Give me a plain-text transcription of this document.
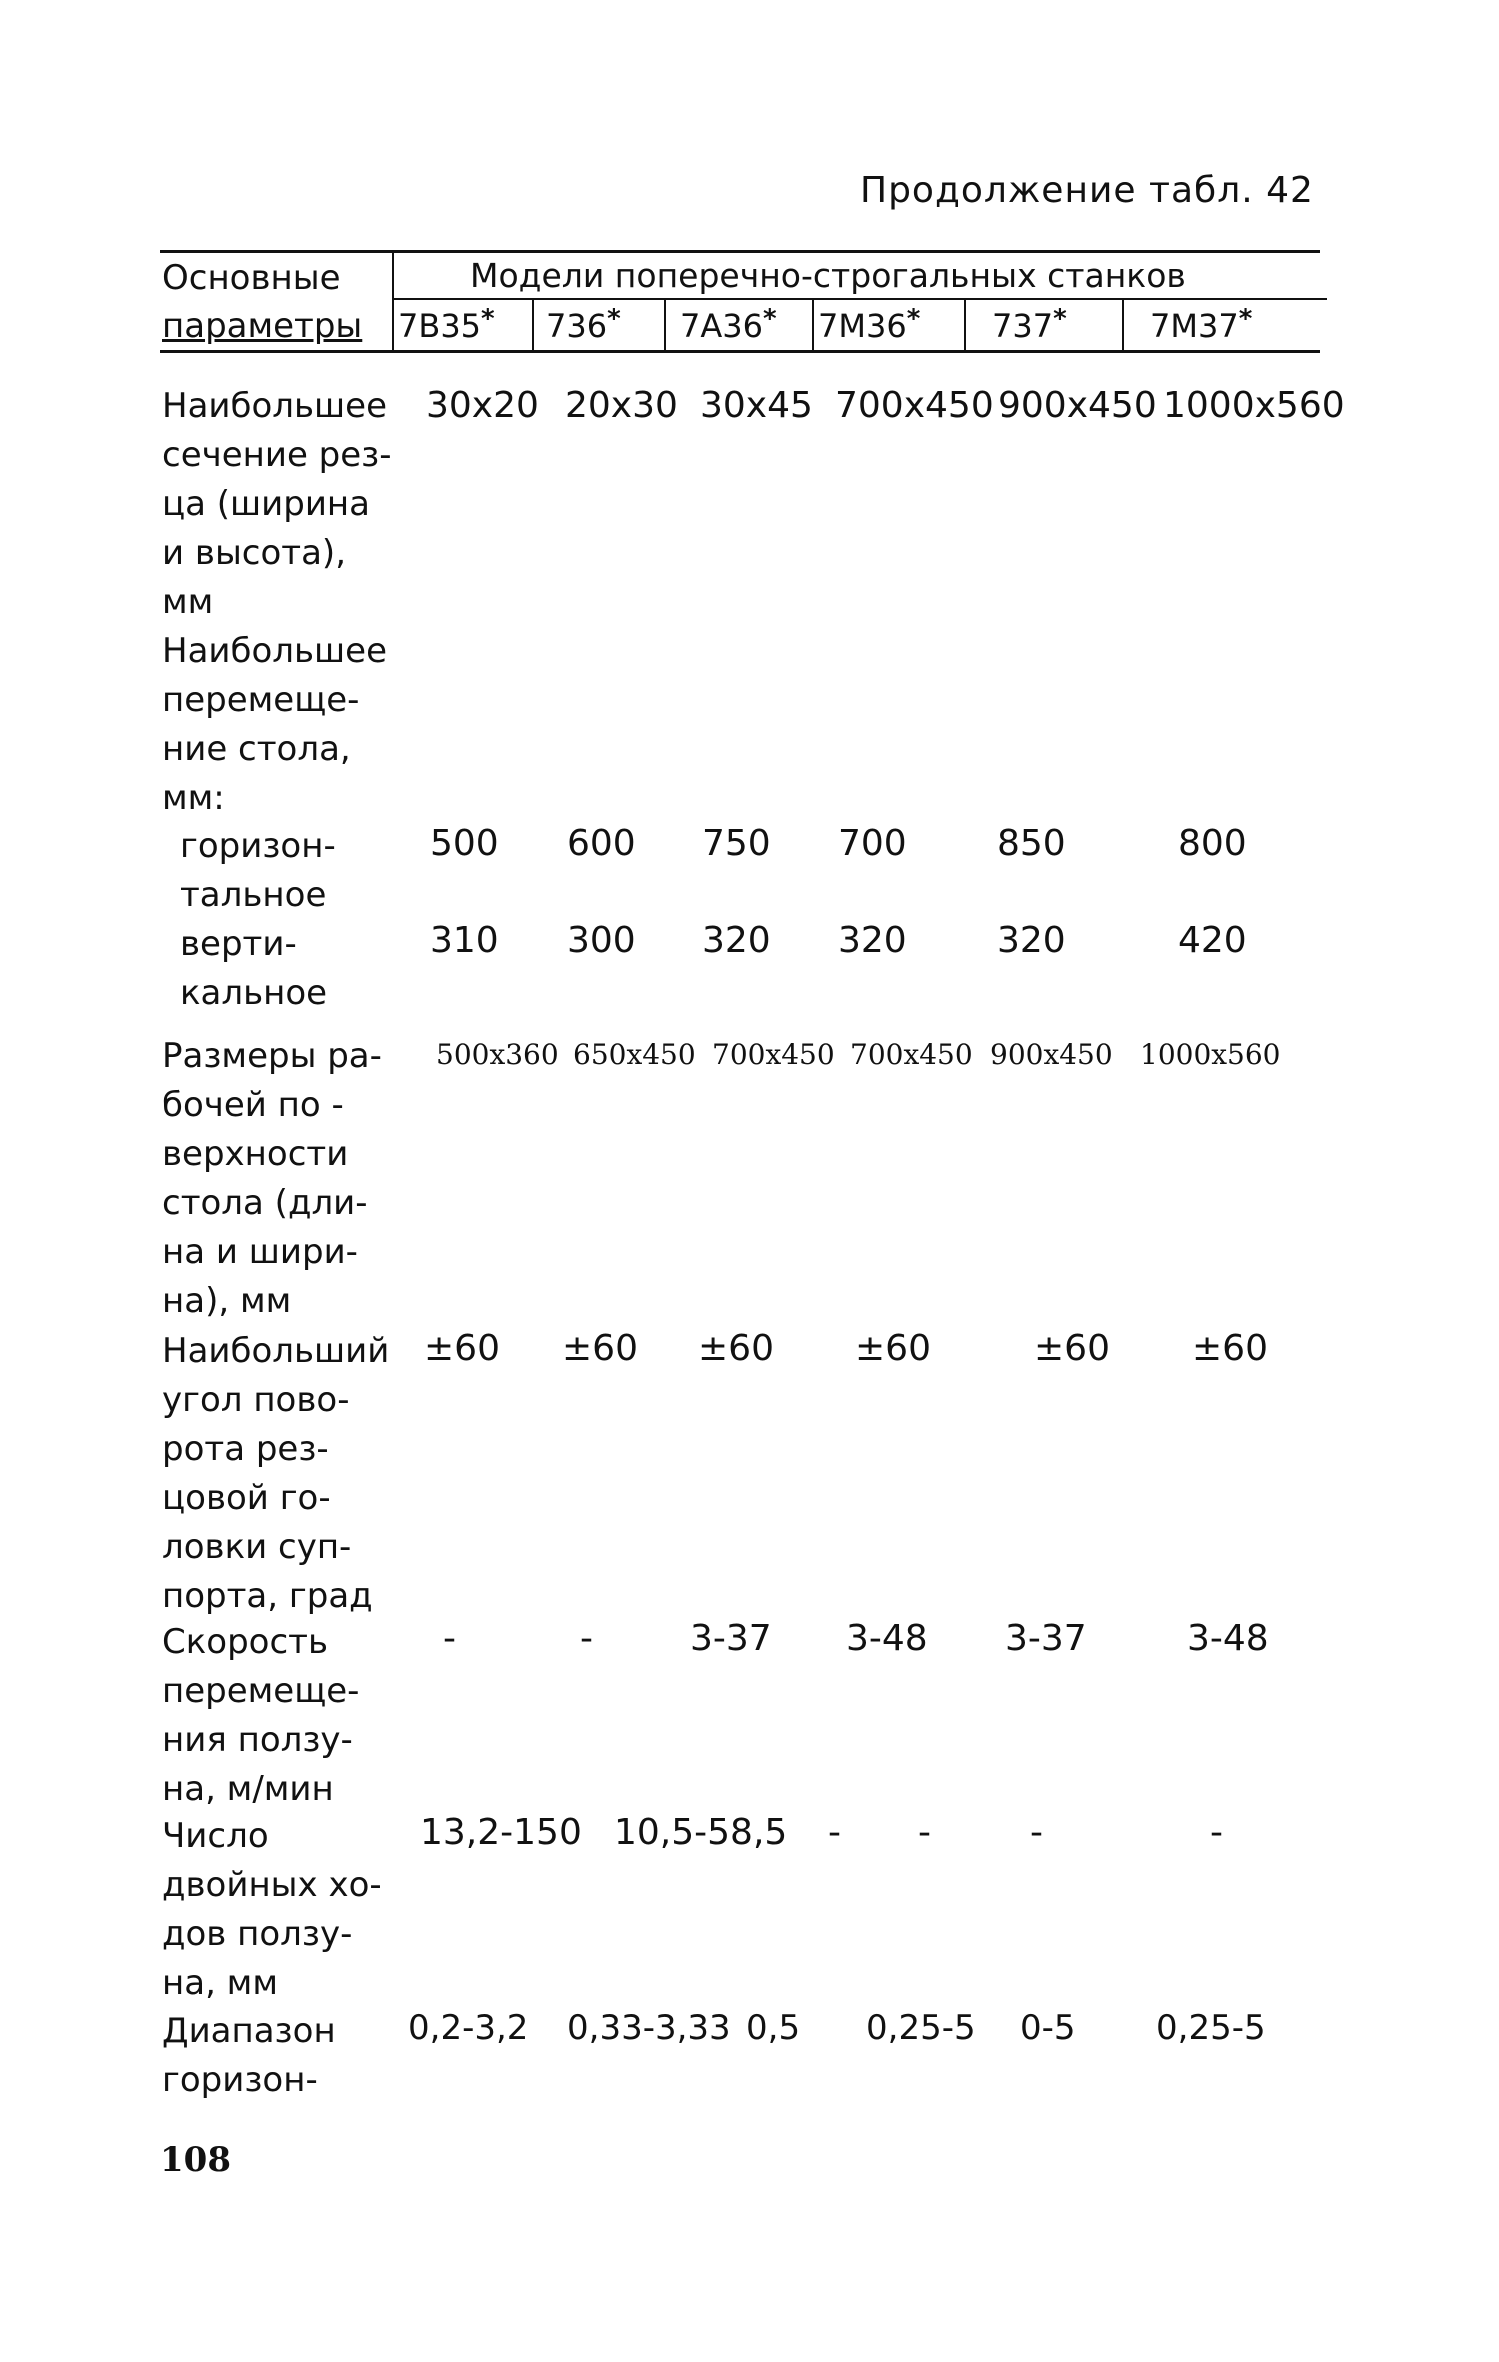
Продолжение табл. 42
Основные
параметры
Модели поперечно-строгальных станков
7В35* 736* 7А36* 7М36* 737*	7М37*
Наибольшее
сечение рез-
ца (ширина
и высота),
мм
30x20 20x30 30x45 700x450 900x450 1000x560
Наибольшее
перемеще-
ние стола,
мм:
горизон-
тальное
500 600 750 700	850	800
верти-
кальное
310 300 320 320	320	420
Размеры ра-
бочей по -
верхности
стола (дли-
на и шири-
на), мм
500x360 650x450 700x450 700x450 900x450 1000x560
Наибольший
угол пово-
рота рез-
цовой го-
ловки суп-
порта, град
±60 ±60 ±60 ±60	±60 ±60
Скорость
перемеще-
ния ползу-
на, м/мин
-	-	3-37 3-48 3-37	3-48
Число
двойных хо-
дов ползу-
на, мм
13,2-150 10,5-58,5 - -	-	-
Диапазон
горизон-
0,2-3,2 0,33-3,33 0,5 0,25-5 0-5 0,25-5
108
